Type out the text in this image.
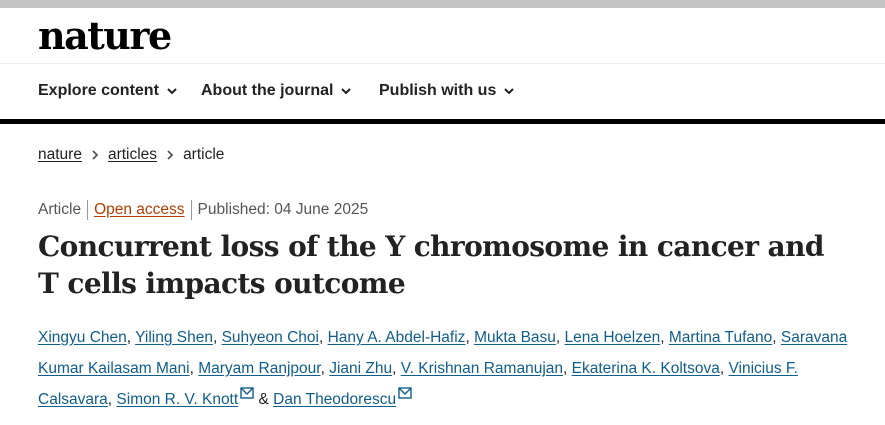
nature
Explore content	About the journal	Publish with us
nature articles article
Article Open access Published: 04 June 2025
Concurrent loss of the Y chromosome in cancer and T cells impacts outcome
Xingyu Chen, Yiling Shen, Suhyeon Choi, Hany A. Abdel-Hafiz, Mukta Basu, Lena Hoelzen, Martina Tufano, Saravana Kumar Kailasam Mani, Maryam Ranjpour, Jiani Zhu, V. Krishnan Ramanujan, Ekaterina K. Koltsova, Vinicius F. Calsavara, Simon R. V. Knott & Dan Theodorescu
